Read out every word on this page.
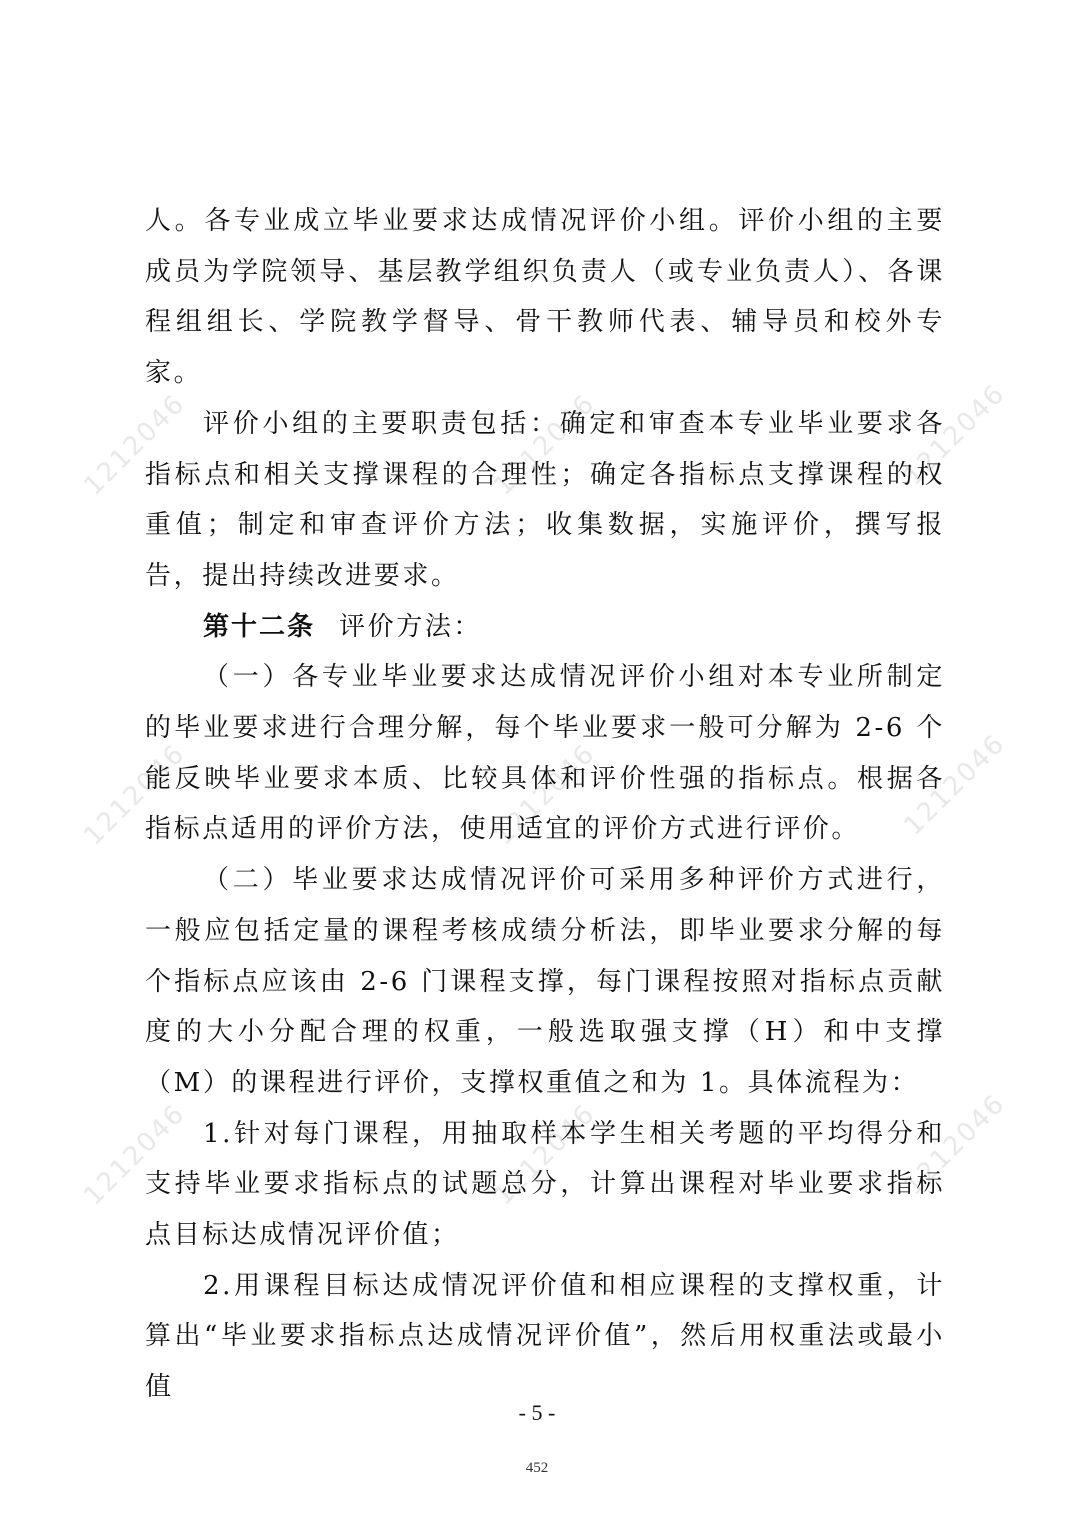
1212046	1212046	1212046
1212046	1212046	1212046
1212046	1212046	1212046

人。各专业成立毕业要求达成情况评价小组。评价小组的主要成员为学院领导、基层教学组织负责人（或专业负责人）、各课程组组长、学院教学督导、骨干教师代表、辅导员和校外专家。

评价小组的主要职责包括：确定和审查本专业毕业要求各指标点和相关支撑课程的合理性；确定各指标点支撑课程的权重值；制定和审查评价方法；收集数据，实施评价，撰写报告，提出持续改进要求。

第十二条 评价方法：

（一）各专业毕业要求达成情况评价小组对本专业所制定的毕业要求进行合理分解，每个毕业要求一般可分解为 2-6 个能反映毕业要求本质、比较具体和评价性强的指标点。根据各指标点适用的评价方法，使用适宜的评价方式进行评价。

（二）毕业要求达成情况评价可采用多种评价方式进行，一般应包括定量的课程考核成绩分析法，即毕业要求分解的每个指标点应该由 2-6 门课程支撑，每门课程按照对指标点贡献度的大小分配合理的权重，一般选取强支撑（H）和中支撑（M）的课程进行评价，支撑权重值之和为 1。具体流程为：

1.针对每门课程，用抽取样本学生相关考题的平均得分和支持毕业要求指标点的试题总分，计算出课程对毕业要求指标点目标达成情况评价值；

2.用课程目标达成情况评价值和相应课程的支撑权重，计算出“毕业要求指标点达成情况评价值”，然后用权重法或最小值

- 5 -
452
